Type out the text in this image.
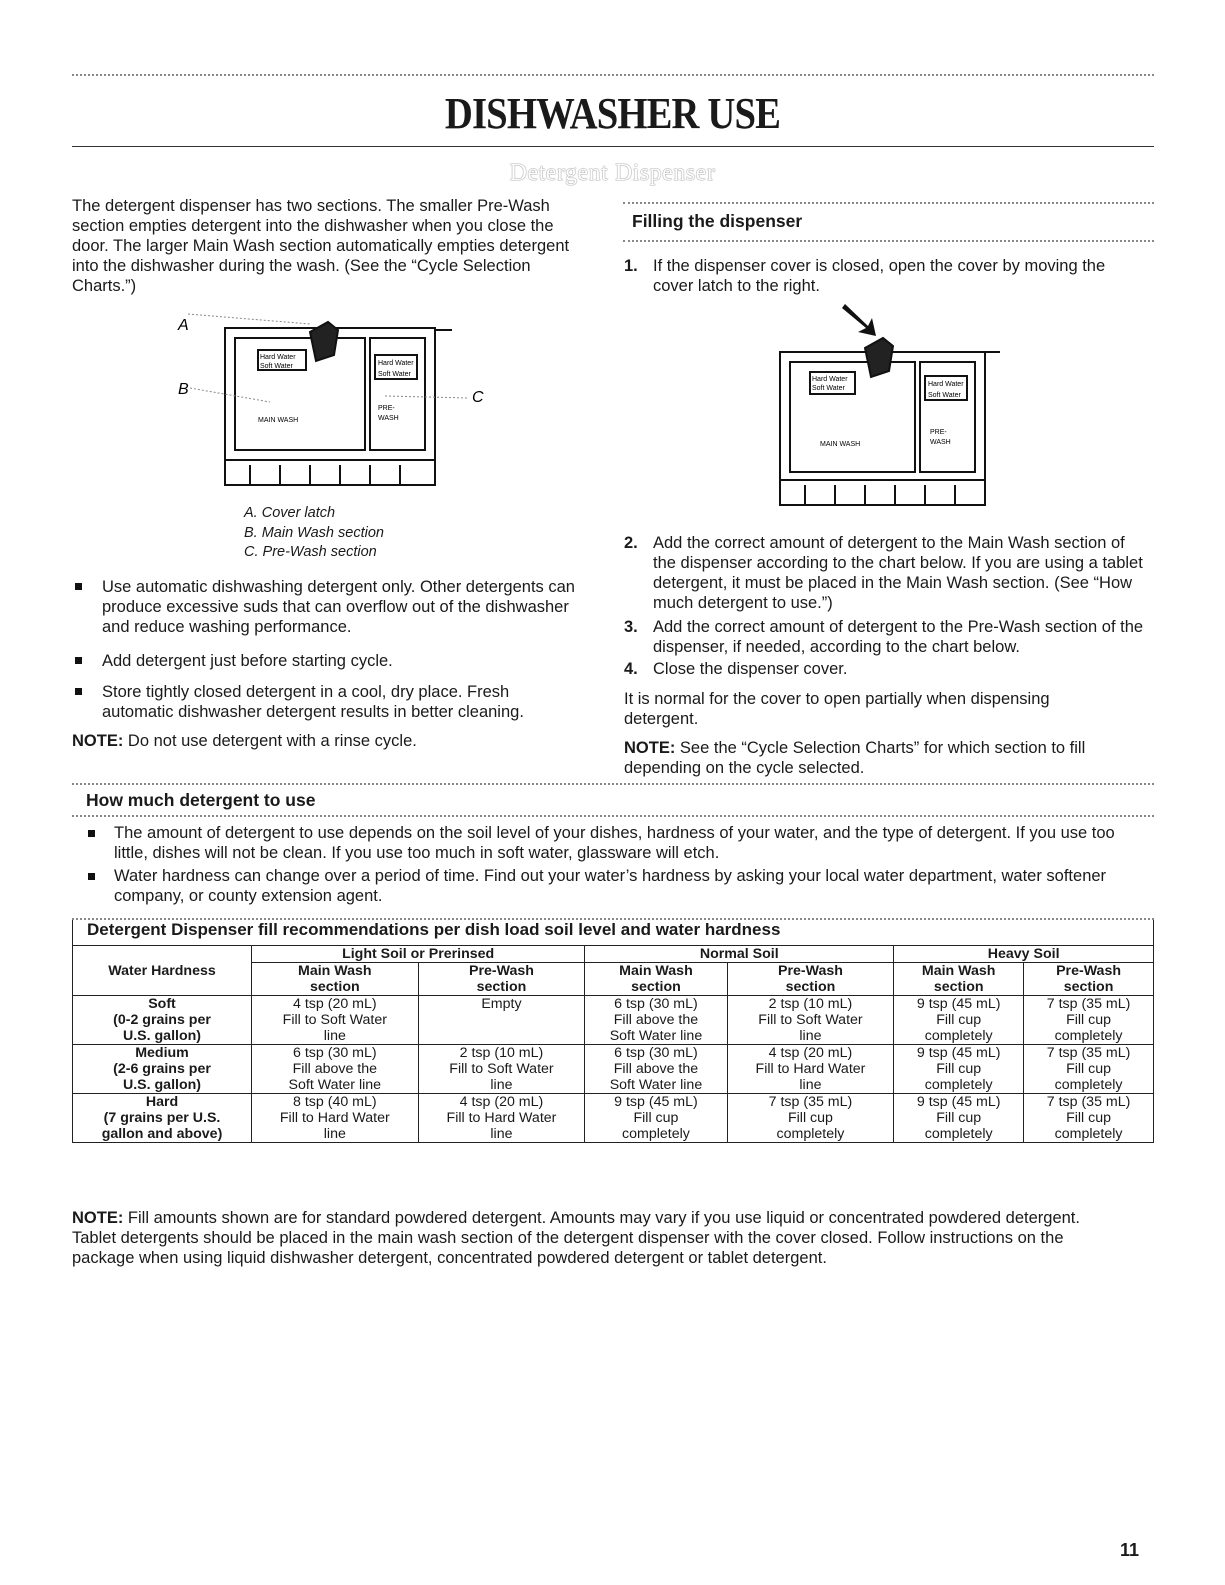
DISHWASHER USE
Detergent Dispenser
The detergent dispenser has two sections. The smaller Pre-Wash section empties detergent into the dishwasher when you close the door. The larger Main Wash section automatically empties detergent into the dishwasher during the wash. (See the “Cycle Selection Charts.”)
A
B	C
Hard Water
Soft Water	Hard Water
Soft Water
MAIN WASH
PRE-
WASH
A. Cover latch
B. Main Wash section
C. Pre-Wash section
Use automatic dishwashing detergent only. Other detergents can produce excessive suds that can overflow out of the dishwasher and reduce washing performance.
Add detergent just before starting cycle.
Store tightly closed detergent in a cool, dry place. Fresh automatic dishwasher detergent results in better cleaning.
NOTE: Do not use detergent with a rinse cycle.
Filling the dispenser
1. If the dispenser cover is closed, open the cover by moving the cover latch to the right.
Hard Water
Soft Water
Hard Water
Soft Water
MAIN WASH
PRE-
WASH
2. Add the correct amount of detergent to the Main Wash section of the dispenser according to the chart below. If you are using a tablet detergent, it must be placed in the Main Wash section. (See “How much detergent to use.”)
3. Add the correct amount of detergent to the Pre-Wash section of the dispenser, if needed, according to the chart below.
4. Close the dispenser cover.
It is normal for the cover to open partially when dispensing detergent.
NOTE: See the “Cycle Selection Charts” for which section to fill depending on the cycle selected.
How much detergent to use
The amount of detergent to use depends on the soil level of your dishes, hardness of your water, and the type of detergent. If you use too little, dishes will not be clean. If you use too much in soft water, glassware will etch.
Water hardness can change over a period of time. Find out your water’s hardness by asking your local water department, water softener company, or county extension agent.
Detergent Dispenser fill recommendations per dish load soil level and water hardness
Water Hardness	Light Soil or Prerinsed		Normal Soil		Heavy Soil	

	Main Wash
section	Pre-Wash
section	Main Wash
section	Pre-Wash
section	Main Wash
section	Pre-Wash
section

Soft
(0-2 grains per
U.S. gallon)	4 tsp (20 mL)
Fill to Soft Water
line	Empty	6 tsp (30 mL)
Fill above the
Soft Water line	2 tsp (10 mL)
Fill to Soft Water
line	9 tsp (45 mL)
Fill cup
completely	7 tsp (35 mL)
Fill cup
completely

Medium
(2-6 grains per
U.S. gallon)	6 tsp (30 mL)
Fill above the
Soft Water line	2 tsp (10 mL)
Fill to Soft Water
line	6 tsp (30 mL)
Fill above the
Soft Water line	4 tsp (20 mL)
Fill to Hard Water
line	9 tsp (45 mL)
Fill cup
completely	7 tsp (35 mL)
Fill cup
completely

Hard
(7 grains per U.S.
gallon and above)	8 tsp (40 mL)
Fill to Hard Water
line	4 tsp (20 mL)
Fill to Hard Water
line	9 tsp (45 mL)
Fill cup
completely	7 tsp (35 mL)
Fill cup
completely	9 tsp (45 mL)
Fill cup
completely	7 tsp (35 mL)
Fill cup
completely
NOTE: Fill amounts shown are for standard powdered detergent. Amounts may vary if you use liquid or concentrated powdered detergent. Tablet detergents should be placed in the main wash section of the detergent dispenser with the cover closed. Follow instructions on the package when using liquid dishwasher detergent, concentrated powdered detergent or tablet detergent.
11
